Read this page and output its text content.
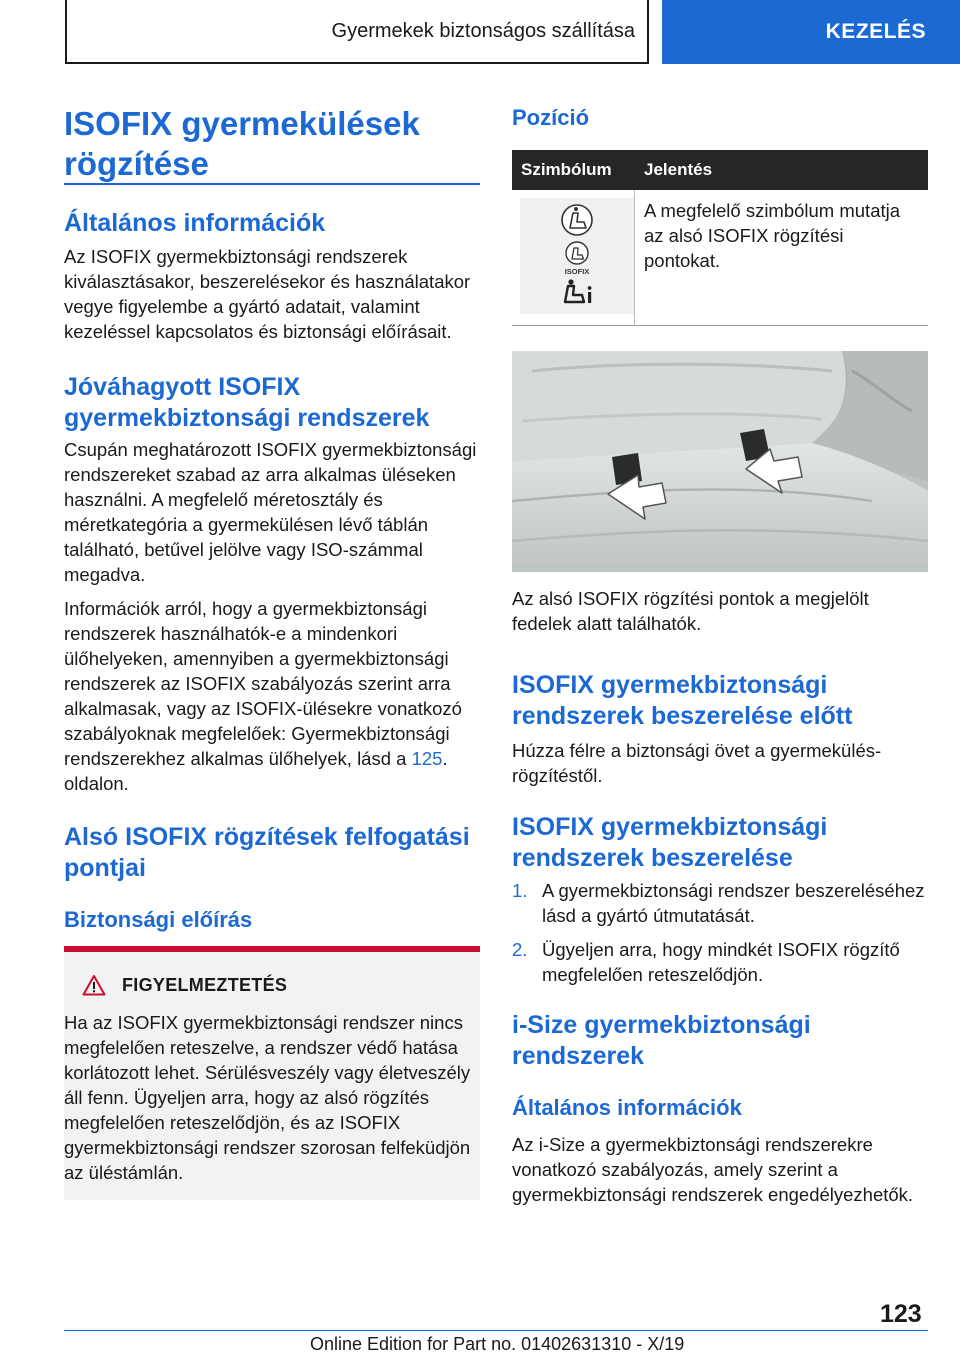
Gyermekek biztonságos szállítása	KEZELÉS
ISOFIX gyermekülések rögzítése
Általános információk

Az ISOFIX gyermekbiztonsági rendszerek kiválasztásakor, beszerelésekor és használatakor vegye figyelembe a gyártó adatait, valamint kezeléssel kapcsolatos és biztonsági előírásait.

Jóváhagyott ISOFIX gyermekbiztonsági rendszerek

Csupán meghatározott ISOFIX gyermekbiztonsági rendszereket szabad az arra alkalmas üléseken használni. A megfelelő méretosztály és méretkategória a gyermekülésen lévő táblán található, betűvel jelölve vagy ISO-számmal megadva.

Információk arról, hogy a gyermekbiztonsági rendszerek használhatók-e a mindenkori ülőhelyeken, amennyiben a gyermekbiztonsági rendszerek az ISOFIX szabályozás szerint arra alkalmasak, vagy az ISOFIX-ülésekre vonatkozó szabályoknak megfelelőek: Gyermekbiztonsági rendszerekhez alkalmas ülőhelyek, lásd a 125. oldalon.

Alsó ISOFIX rögzítések felfogatási pontjai
Biztonsági előírás
FIGYELMEZTETÉS

Ha az ISOFIX gyermekbiztonsági rendszer nincs megfelelően reteszelve, a rendszer védő hatása korlátozott lehet. Sérülésveszély vagy életveszély áll fenn. Ügyeljen arra, hogy az alsó rögzítés megfelelően reteszelődjön, és az ISOFIX gyermekbiztonsági rendszer szorosan felfeküdjön az üléstámlán.

Pozíció
Szimbólum Jelentés
ISOFIX

A megfelelő szimbólum mutatja az alsó ISOFIX rögzítési pontokat.

Az alsó ISOFIX rögzítési pontok a megjelölt fedelek alatt találhatók.

ISOFIX gyermekbiztonsági rendszerek beszerelése előtt

Húzza félre a biztonsági övet a gyermekülés-rögzítéstől.

ISOFIX gyermekbiztonsági rendszerek beszerelése
1. A gyermekbiztonsági rendszer beszereléséhez lásd a gyártó útmutatását.
2. Ügyeljen arra, hogy mindkét ISOFIX rögzítő megfelelően reteszelődjön.
i-Size gyermekbiztonsági rendszerek
Általános információk

Az i-Size a gyermekbiztonsági rendszerekre vonatkozó szabályozás, amely szerint a gyermekbiztonsági rendszerek engedélyezhetők.

123
Online Edition for Part no. 01402631310 - X/19
